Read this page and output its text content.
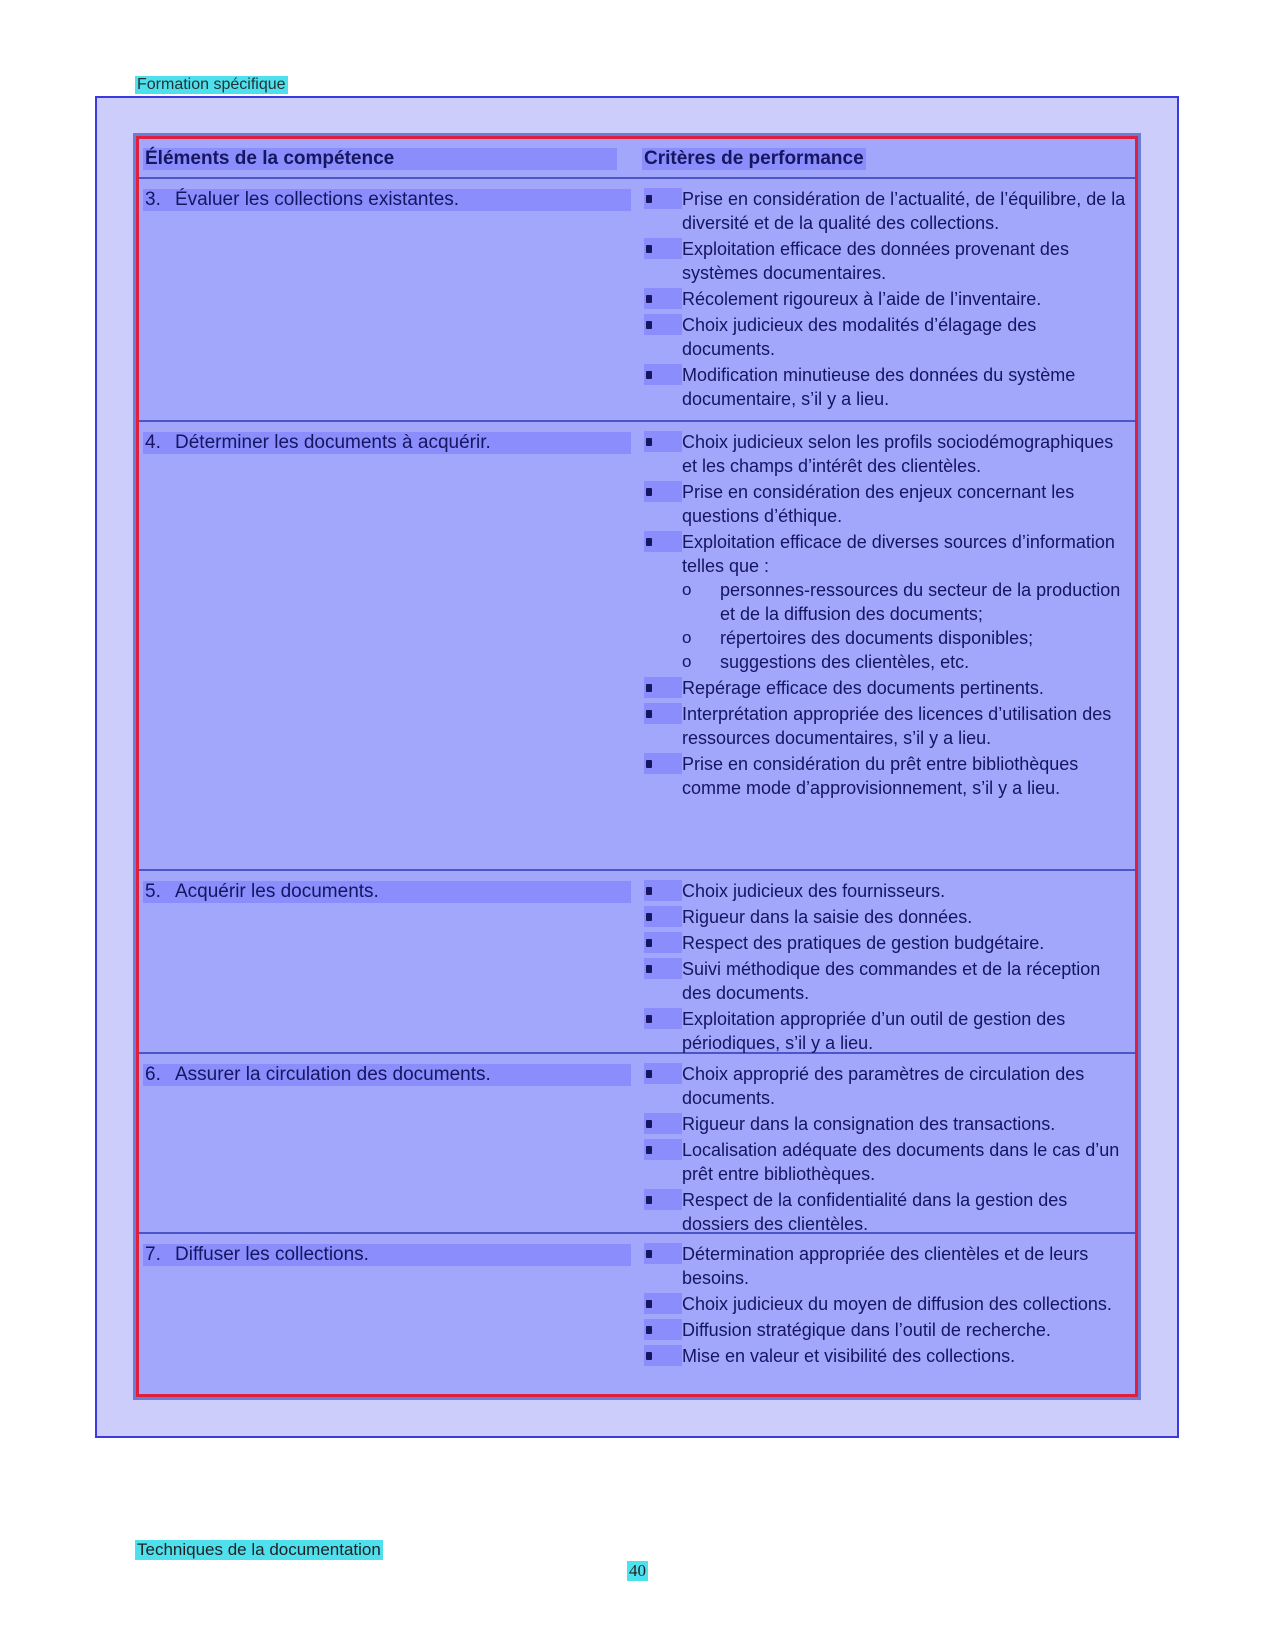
Formation spécifique
Éléments de la compétence	Critères de performance
3. Évaluer les collections existantes.	Prise en considération de l’actualité, de l’équilibre, de la diversité et de la qualité des collections.
Exploitation efficace des données provenant des systèmes documentaires.
Récolement rigoureux à l’aide de l’inventaire.
Choix judicieux des modalités d’élagage des documents.
Modification minutieuse des données du système documentaire, s’il y a lieu.
4. Déterminer les documents à acquérir.	Choix judicieux selon les profils sociodémographiques et les champs d’intérêt des clientèles.
Prise en considération des enjeux concernant les questions d’éthique.
Exploitation efficace de diverses sources d’information telles que :
o	personnes-ressources du secteur de la production et de la diffusion des documents;
o	répertoires des documents disponibles;
o	suggestions des clientèles, etc.
Repérage efficace des documents pertinents.
Interprétation appropriée des licences d’utilisation des ressources documentaires, s’il y a lieu.
Prise en considération du prêt entre bibliothèques comme mode d’approvisionnement, s’il y a lieu.
5. Acquérir les documents.	Choix judicieux des fournisseurs.
Rigueur dans la saisie des données.
Respect des pratiques de gestion budgétaire.
Suivi méthodique des commandes et de la réception des documents.
Exploitation appropriée d’un outil de gestion des périodiques, s’il y a lieu.
6. Assurer la circulation des documents.	Choix approprié des paramètres de circulation des documents.
Rigueur dans la consignation des transactions.
Localisation adéquate des documents dans le cas d’un prêt entre bibliothèques.
Respect de la confidentialité dans la gestion des dossiers des clientèles.
7. Diffuser les collections.	Détermination appropriée des clientèles et de leurs besoins.
Choix judicieux du moyen de diffusion des collections.
Diffusion stratégique dans l’outil de recherche.
Mise en valeur et visibilité des collections.
Techniques de la documentation
40
